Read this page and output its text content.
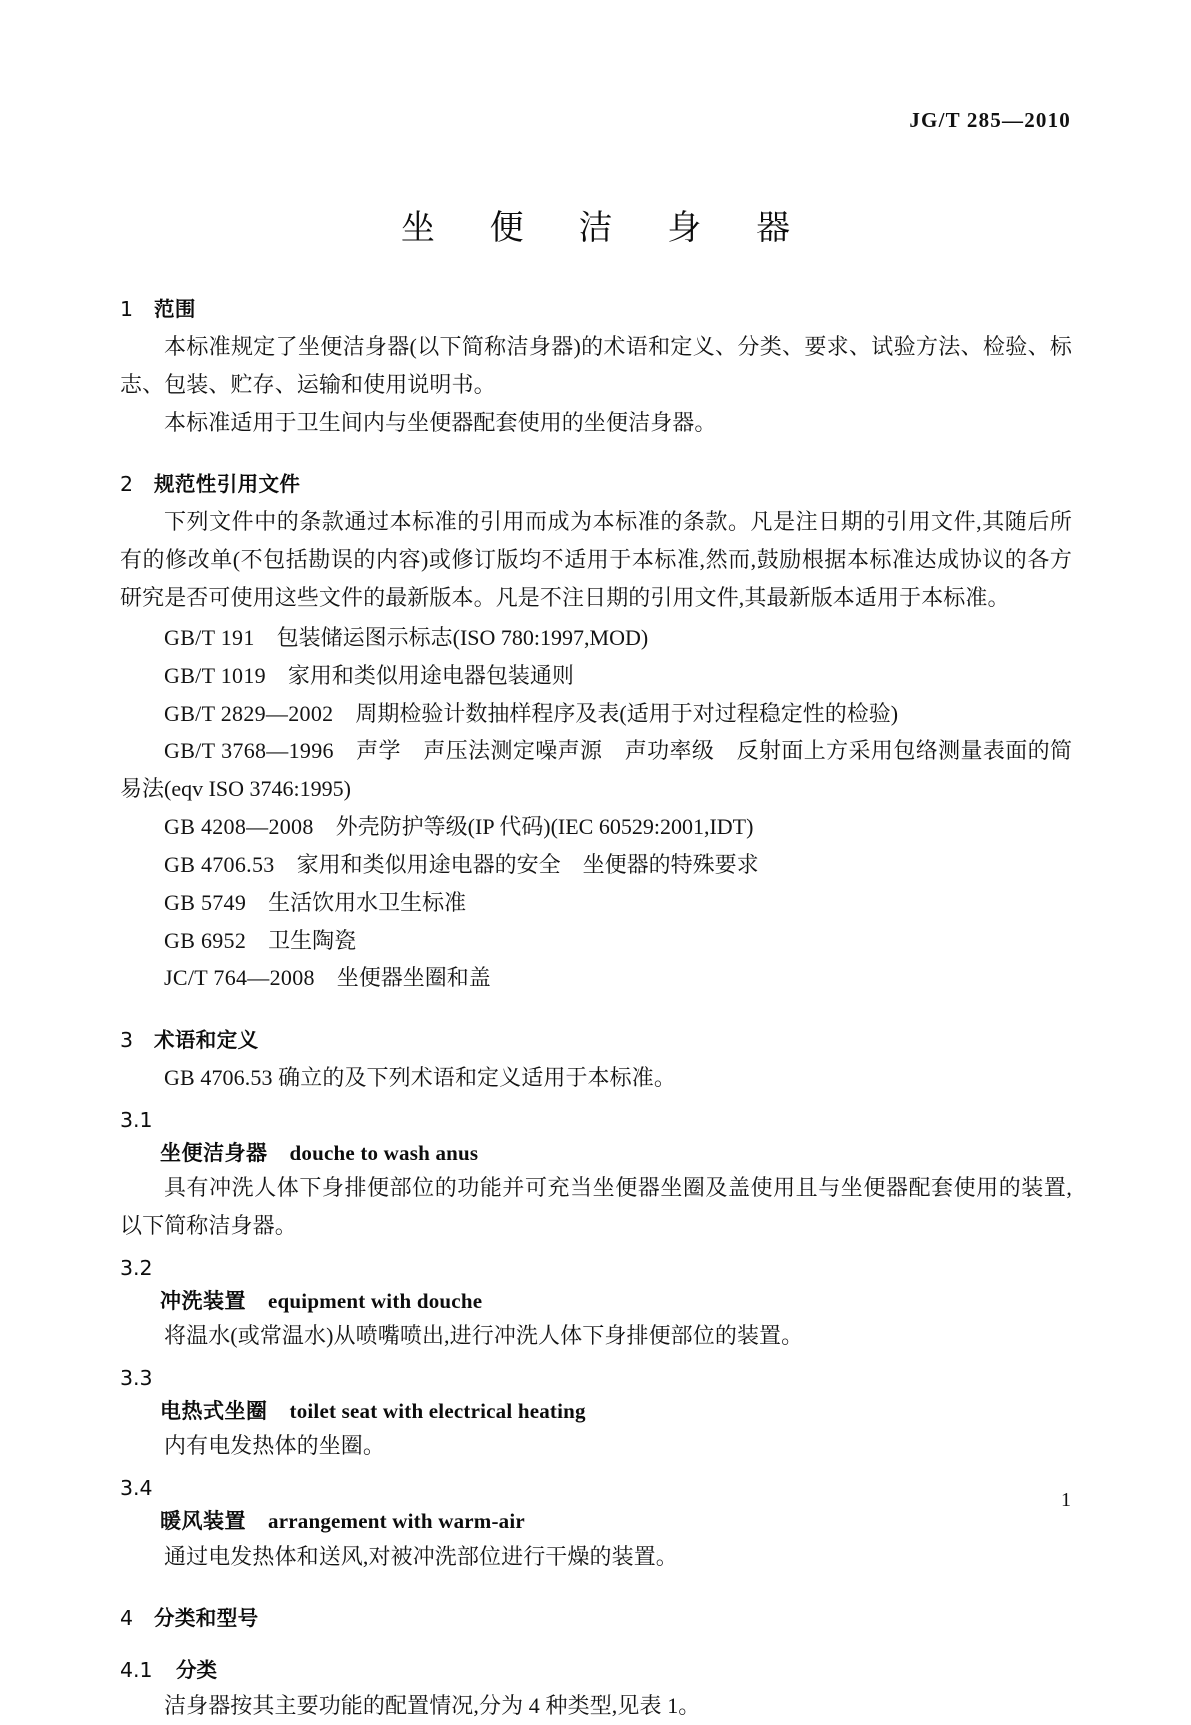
JG/T 285—2010
坐 便 洁 身 器
1 范围

本标准规定了坐便洁身器(以下简称洁身器)的术语和定义、分类、要求、试验方法、检验、标志、包装、贮存、运输和使用说明书。

本标准适用于卫生间内与坐便器配套使用的坐便洁身器。

2 规范性引用文件

下列文件中的条款通过本标准的引用而成为本标准的条款。凡是注日期的引用文件,其随后所有的修改单(不包括勘误的内容)或修订版均不适用于本标准,然而,鼓励根据本标准达成协议的各方研究是否可使用这些文件的最新版本。凡是不注日期的引用文件,其最新版本适用于本标准。

GB/T 191 包装储运图示标志(ISO 780:1997,MOD)
GB/T 1019 家用和类似用途电器包装通则
GB/T 2829—2002 周期检验计数抽样程序及表(适用于对过程稳定性的检验)
GB/T 3768—1996 声学　声压法测定噪声源　声功率级　反射面上方采用包络测量表面的简易法(eqv ISO 3746:1995)
GB 4208—2008 外壳防护等级(IP 代码)(IEC 60529:2001,IDT)
GB 4706.53 家用和类似用途电器的安全　坐便器的特殊要求
GB 5749 生活饮用水卫生标准
GB 6952 卫生陶瓷
JC/T 764—2008 坐便器坐圈和盖
3 术语和定义

GB 4706.53 确立的及下列术语和定义适用于本标准。

3.1
坐便洁身器 douche to wash anus

具有冲洗人体下身排便部位的功能并可充当坐便器坐圈及盖使用且与坐便器配套使用的装置,以下简称洁身器。

3.2
冲洗装置 equipment with douche

将温水(或常温水)从喷嘴喷出,进行冲洗人体下身排便部位的装置。

3.3
电热式坐圈 toilet seat with electrical heating

内有电发热体的坐圈。

3.4
暖风装置 arrangement with warm-air

通过电发热体和送风,对被冲洗部位进行干燥的装置。

4 分类和型号
4.1 分类

洁身器按其主要功能的配置情况,分为 4 种类型,见表 1。

1
